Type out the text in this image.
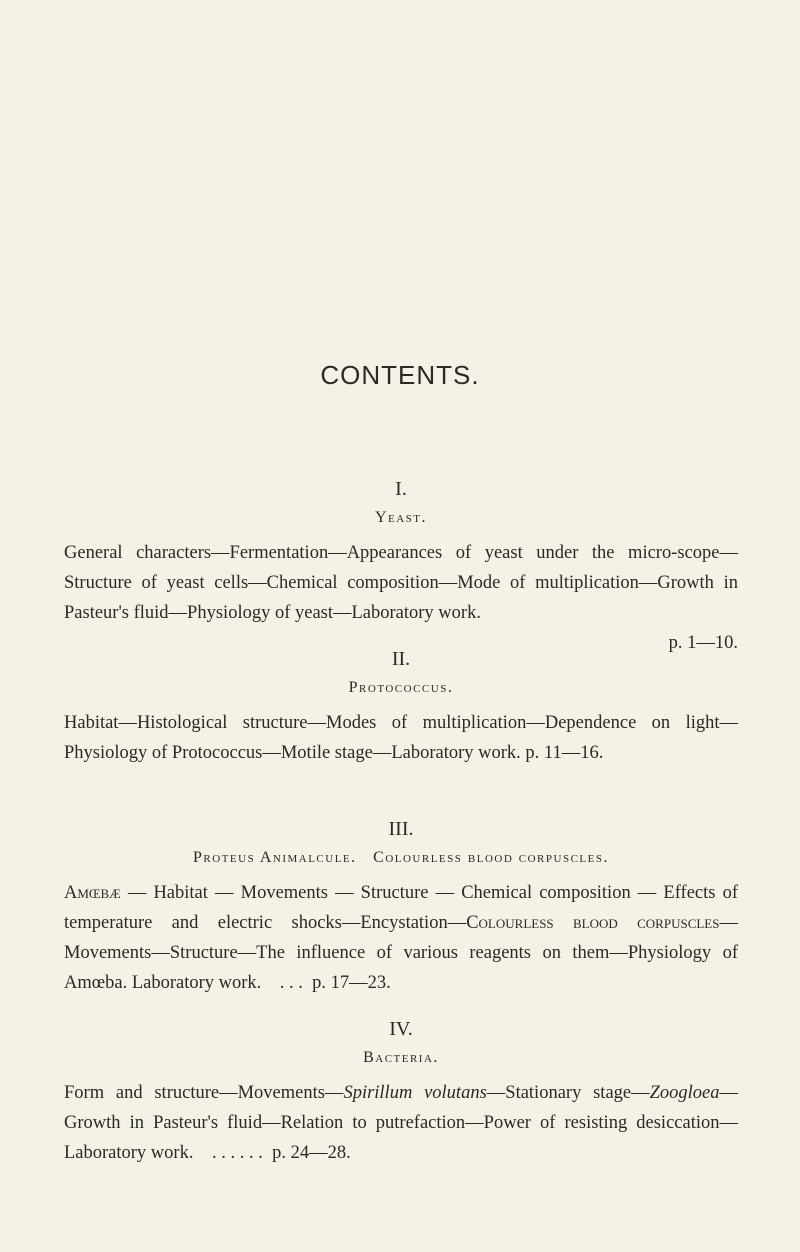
CONTENTS.

I.

Yeast.

General characters—Fermentation—Appearances of yeast under the micro-scope—Structure of yeast cells—Chemical composition—Mode of multiplication—Growth in Pasteur's fluid—Physiology of yeast—Laboratory work.

p. 1—10.

II.

Protococcus.

Habitat—Histological structure—Modes of multiplication—Dependence on light—Physiology of Protococcus—Motile stage—Laboratory work. p. 11—16.

III.

Proteus Animalcule. Colourless blood corpuscles.

Amœbæ — Habitat — Movements — Structure — Chemical composition — Effects of temperature and electric shocks—Encystation—Colourless blood corpuscles—Movements—Structure—The influence of various reagents on them—Physiology of Amœba. Laboratory work. . . . p. 17—23.

IV.

Bacteria.

Form and structure—Movements—Spirillum volutans—Stationary stage—Zoogloea—Growth in Pasteur's fluid—Relation to putrefaction—Power of resisting desiccation—Laboratory work. . . . . . . p. 24—28.
